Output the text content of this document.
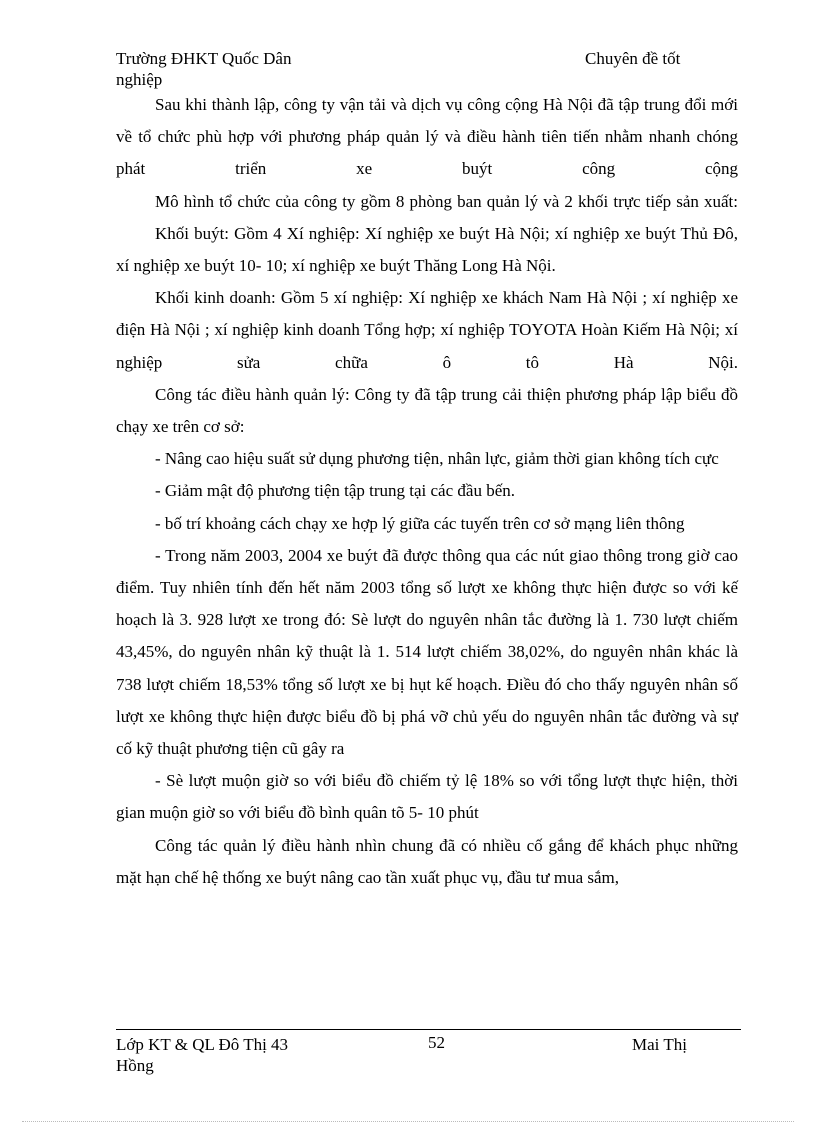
Trường ĐHKT Quốc Dân	Chuyên đề tốt
nghiệp

Sau khi thành lập, công ty vận tải và dịch vụ công cộng Hà Nội đã tập trung đổi mới về tổ chức phù hợp với phương pháp quản lý và điều hành tiên tiến nhằm nhanh chóng phát triển xe buýt công cộng

Mô hình tổ chức của công ty gồm 8 phòng ban quản lý và 2 khối trực tiếp sản xuất:

Khối buýt: Gồm 4 Xí nghiệp: Xí nghiệp xe buýt Hà Nội; xí nghiệp xe buýt Thủ Đô, xí nghiệp xe buýt 10- 10; xí nghiệp xe buýt Thăng Long Hà Nội.

Khối kinh doanh: Gồm 5 xí nghiệp: Xí nghiệp xe khách Nam Hà Nội ; xí nghiệp xe điện Hà Nội ; xí nghiệp kinh doanh Tổng hợp; xí nghiệp TOYOTA Hoàn Kiếm Hà Nội; xí nghiệp sửa chữa ô tô Hà Nội.

Công tác điều hành quản lý: Công ty đã tập trung cải thiện phương pháp lập biểu đồ chạy xe trên cơ sở:

- Nâng cao hiệu suất sử dụng phương tiện, nhân lực, giảm thời gian không tích cực

- Giảm mật độ phương tiện tập trung tại các đầu bến.

- bố trí khoảng cách chạy xe hợp lý giữa các tuyến trên cơ sở mạng liên thông

- Trong năm 2003, 2004 xe buýt đã được thông qua các nút giao thông trong giờ cao điểm. Tuy nhiên tính đến hết năm 2003 tổng số lượt xe không thực hiện được so với kế hoạch là 3. 928 lượt xe trong đó: Sè lượt do nguyên nhân tắc đường là 1. 730 lượt chiếm 43,45%, do nguyên nhân kỹ thuật là 1. 514 lượt chiếm 38,02%, do nguyên nhân khác là 738 lượt chiếm 18,53% tổng số lượt xe bị hụt kế hoạch. Điều đó cho thấy nguyên nhân số lượt xe không thực hiện được biểu đồ bị phá vỡ chủ yếu do nguyên nhân tắc đường và sự cố kỹ thuật phương tiện cũ gây ra

- Sè lượt muộn giờ so với biểu đồ chiếm tỷ lệ 18% so với tổng lượt thực hiện, thời gian muộn giờ so với biểu đồ bình quân tõ 5- 10 phút

Công tác quản lý điều hành nhìn chung đã có nhiều cố gắng để khách phục những mặt hạn chế hệ thống xe buýt nâng cao tần xuất phục vụ, đầu tư mua sắm,

Lớp KT & QL Đô Thị 43	52	Mai Thị
Hồng
